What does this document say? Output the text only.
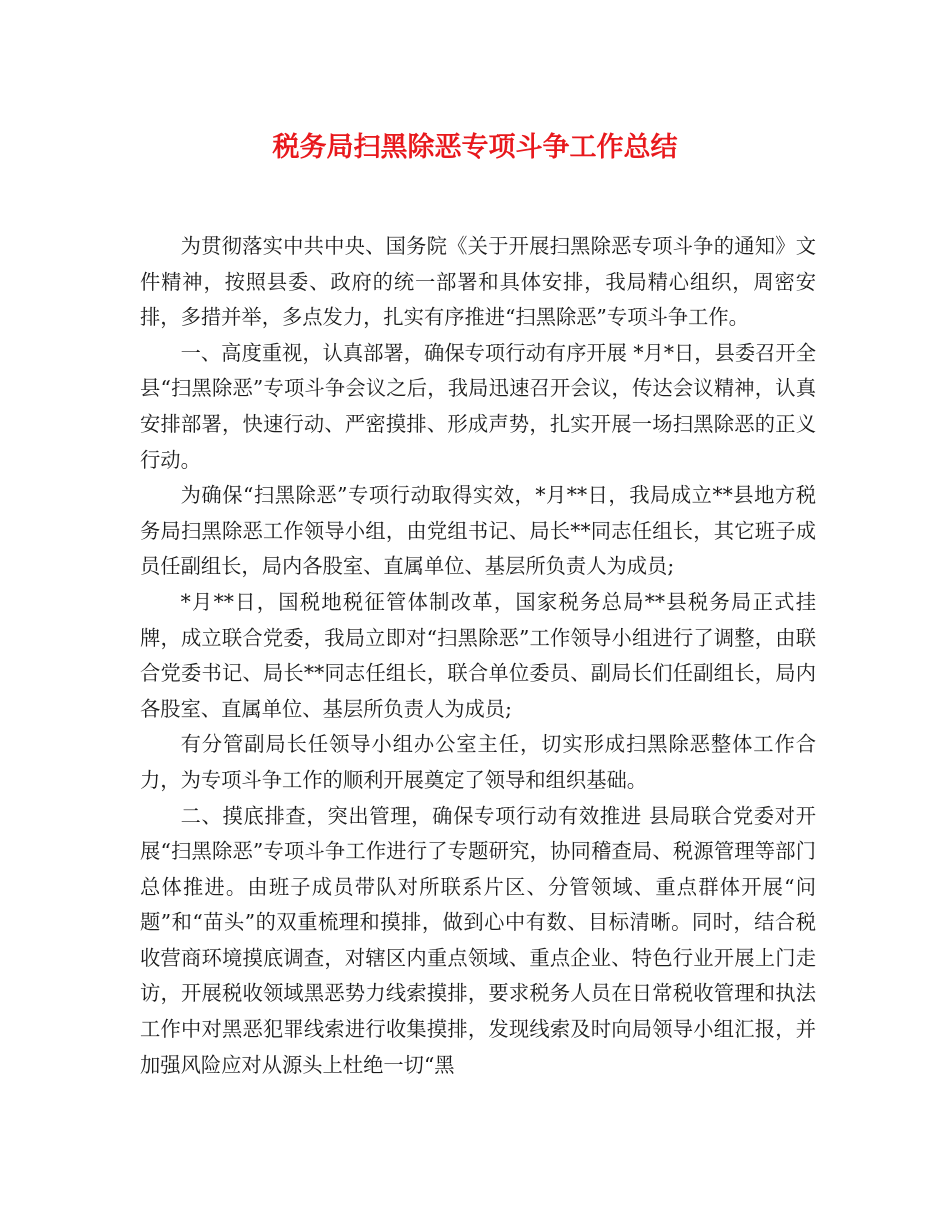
税务局扫黑除恶专项斗争工作总结

为贯彻落实中共中央、国务院《关于开展扫黑除恶专项斗争的通知》文件精神，按照县委、政府的统一部署和具体安排，我局精心组织，周密安排，多措并举，多点发力，扎实有序推进“扫黑除恶”专项斗争工作。

一、高度重视，认真部署，确保专项行动有序开展 *月*日，县委召开全县“扫黑除恶”专项斗争会议之后，我局迅速召开会议，传达会议精神，认真安排部署，快速行动、严密摸排、形成声势，扎实开展一场扫黑除恶的正义行动。

为确保“扫黑除恶”专项行动取得实效，*月**日，我局成立**县地方税务局扫黑除恶工作领导小组，由党组书记、局长**同志任组长，其它班子成员任副组长，局内各股室、直属单位、基层所负责人为成员;

*月**日，国税地税征管体制改革，国家税务总局**县税务局正式挂牌，成立联合党委，我局立即对“扫黑除恶”工作领导小组进行了调整，由联合党委书记、局长**同志任组长，联合单位委员、副局长们任副组长，局内各股室、直属单位、基层所负责人为成员;

有分管副局长任领导小组办公室主任，切实形成扫黑除恶整体工作合力，为专项斗争工作的顺利开展奠定了领导和组织基础。

二、摸底排查，突出管理，确保专项行动有效推进 县局联合党委对开展“扫黑除恶”专项斗争工作进行了专题研究，协同稽查局、税源管理等部门总体推进。由班子成员带队对所联系片区、分管领域、重点群体开展“问题”和“苗头”的双重梳理和摸排，做到心中有数、目标清晰。同时，结合税收营商环境摸底调查，对辖区内重点领域、重点企业、特色行业开展上门走访，开展税收领域黑恶势力线索摸排，要求税务人员在日常税收管理和执法工作中对黑恶犯罪线索进行收集摸排，发现线索及时向局领导小组汇报，并加强风险应对从源头上杜绝一切“黑
